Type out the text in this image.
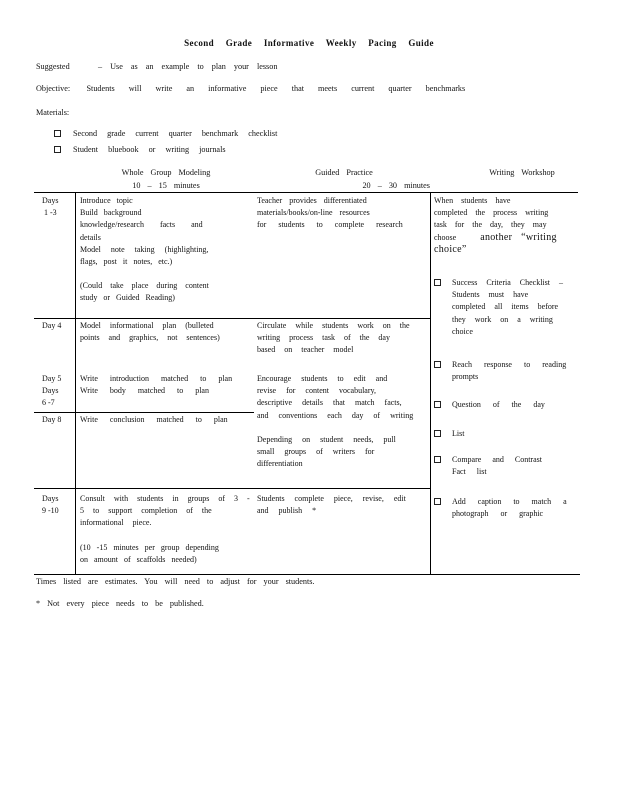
Second Grade Informative Weekly Pacing Guide
Suggested	– Use as an example to plan your lesson
Objective: Students will write an informative piece that meets current quarter benchmarks
Materials:
Second grade current quarter benchmark checklist
Student bluebook or writing journals
Whole Group Modeling
10 – 15 minutes
Guided Practice

20 – 30 minutes
Writing Workshop
Days
1 -3
Introduce topic
Build background
knowledge/research facts and
details
Model note taking (highlighting,
flags, post it notes, etc.)
(Could take place during content
study or Guided Reading)
Teacher provides differentiated
materials/books/on-line resources
for students to complete research
Day 4 Model informational plan (bulleted
points and graphics, not sentences)
Circulate while students work on the
writing process task of the day
based on teacher model
Day 5
Days
6 -7
Write introduction matched to plan
Write body matched to plan
Encourage students to edit and
revise for content vocabulary,
descriptive details that match facts,
and conventions each day of writing
Depending on student needs, pull
small groups of writers for
differentiation
Day 8 Write conclusion matched to plan
Days
9 -10
Consult with students in groups of 3 -
5 to support completion of the
informational piece.
(10 -15 minutes per group depending
on amount of scaffolds needed)
Students complete piece, revise, edit
and publish *
When students have
completed the process writing
task for the day, they may
choose another “writing
choice”
Success Criteria Checklist –
Students must have
completed all items before
they work on a writing
choice
Reach response to reading
prompts
Question of the day
List
Compare and Contrast
Fact list
Add caption to match a
photograph or graphic
Times listed are estimates. You will need to adjust for your students.
* Not every piece needs to be published.
